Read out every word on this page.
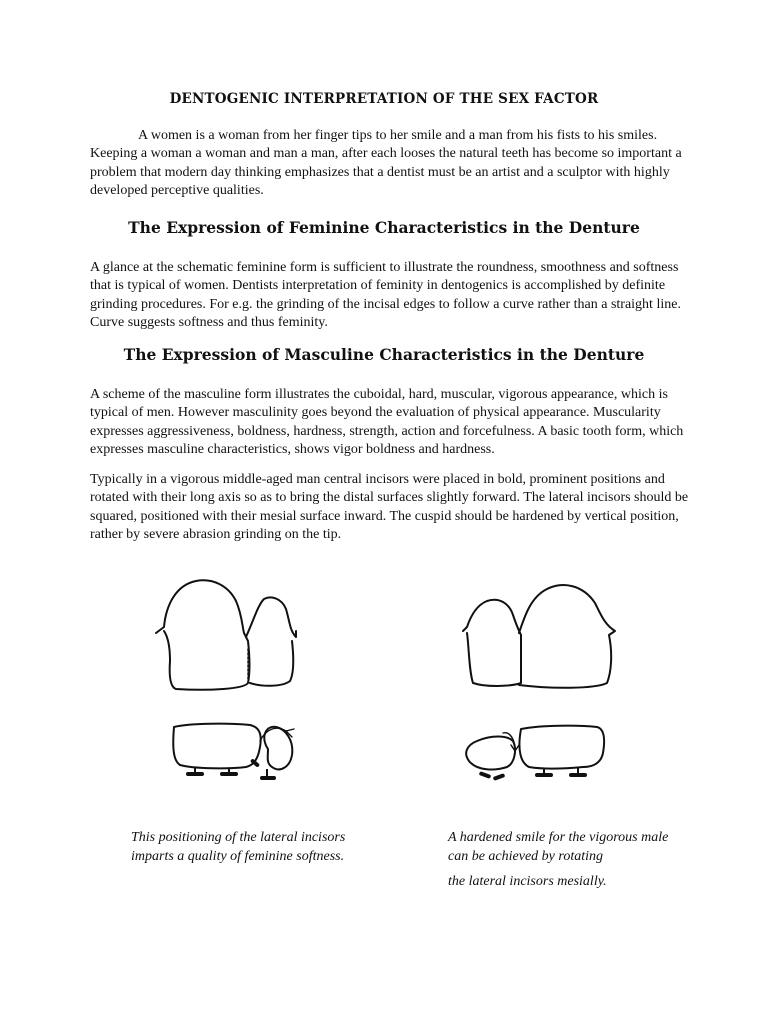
DENTOGENIC INTERPRETATION OF THE SEX FACTOR

A women is a woman from her finger tips to her smile and a man from his fists to his smiles. Keeping a woman a woman and man a man, after each looses the natural teeth has become so important a problem that modern day thinking emphasizes that a dentist must be an artist and a sculptor with highly developed perceptive qualities.

The Expression of Feminine Characteristics in the Denture

A glance at the schematic feminine form is sufficient to illustrate the roundness, smoothness and softness that is typical of women. Dentists interpretation of feminity in dentogenics is accomplished by definite grinding procedures. For e.g. the grinding of the incisal edges to follow a curve rather than a straight line. Curve suggests softness and thus feminity.

The Expression of Masculine Characteristics in the Denture

A scheme of the masculine form illustrates the cuboidal, hard, muscular, vigorous appearance, which is typical of men. However masculinity goes beyond the evaluation of physical appearance. Muscularity expresses aggressiveness, boldness, hardness, strength, action and forcefulness. A basic tooth form, which expresses masculine characteristics, shows vigor boldness and hardness.

Typically in a vigorous middle-aged man central incisors were placed in bold, prominent positions and rotated with their long axis so as to bring the distal surfaces slightly forward. The lateral incisors should be squared, positioned with their mesial surface inward. The cuspid should be hardened by vertical position, rather by severe abrasion grinding on the tip.

This positioning of the lateral incisors imparts a quality of feminine softness.

A hardened smile for the vigorous male can be achieved by rotating

the lateral incisors mesially.
